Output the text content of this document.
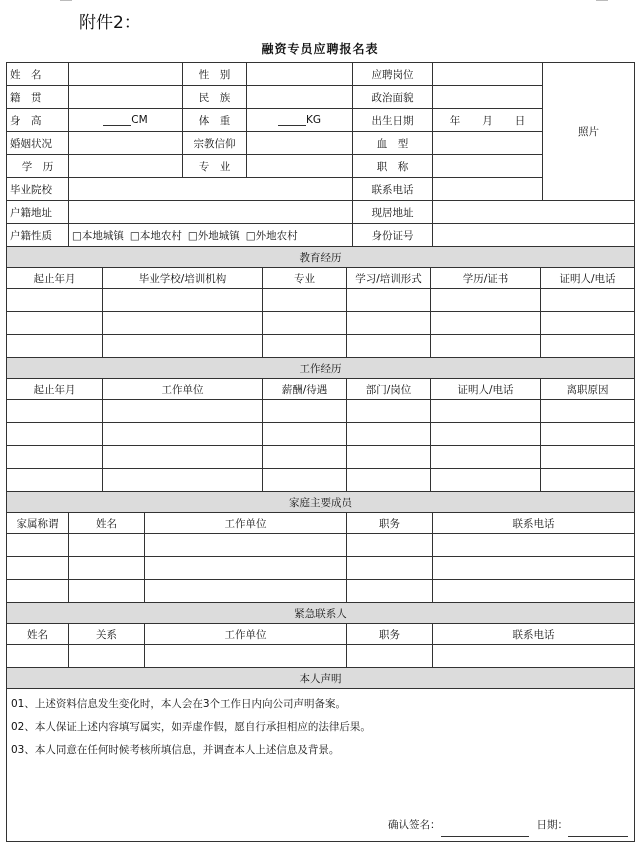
附件2：
融资专员应聘报名表
姓　名		性　别		应聘岗位		照片
籍　贯		民　族		政治面貌		
身　高	CM	体　重	KG	出生日期	年 月 日	
婚姻状况		宗教信仰		血　型		
学　历		专　业		职　称		
毕业院校				联系电话		
户籍地址				现居地址		
户籍性质	□本地城镇 □本地农村 □外地城镇 □外地农村			身份证号		
教育经历					
起止年月	毕业学校/培训机构	专业	学习/培训形式	学历/证书	证明人/电话

工作经历					
起止年月	工作单位	薪酬/待遇	部门/岗位	证明人/电话	离职原因

家庭主要成员				
家属称谓	姓名	工作单位	职务	联系电话

紧急联系人				
姓名	关系	工作单位	职务	联系电话

本人声明

01、上述资料信息发生变化时，本人会在3个工作日内向公司声明备案。
02、本人保证上述内容填写属实，如弄虚作假，愿自行承担相应的法律后果。
03、本人同意在任何时候考核所填信息，并调查本人上述信息及背景。
确认签名：	日期：
